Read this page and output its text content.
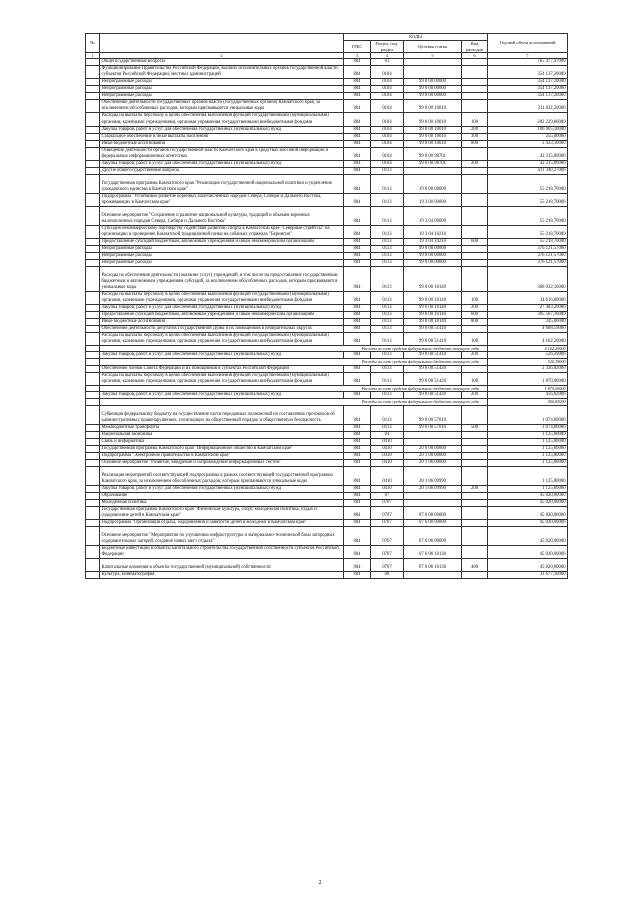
№		КОДЫ				Годовой объем ассигнований
		ГРБС	Раздел, под-раздел	Целевая статья	Вид расходов	
1	2	3	4	5	6	7
	Общегосударственные вопросы	804	01			765 477,47000
	Функционирование Правительства Российской Федерации, высших исполнительных органов государственной власти субъектов Российской Федерации, местных администраций	804	0104			354 137,20000
	Непрограммные расходы	804	0104	99 0 00 00000		354 137,20000
	Непрограммные расходы	804	0104	99 0 00 00000		354 137,20000
	Непрограммные расходы	804	0104	99 0 00 00000		354 137,20000
	Обеспечение деятельности государственных органов власти (государственных органов) Камчатского края, за исключением обособленных расходов, которым присваиваются уникальные коды	804	0104	99 0 00 10010		311 822,20000
	Расходы на выплаты персоналу в целях обеспечения выполнения функций государственными (муниципальными) органами, казенными учреждениями, органами управления государственными внебюджетными фондами	804	0104	99 0 00 10010	100	202 229,00000
	Закупка товаров, работ и услуг для обеспечения государственных (муниципальных) нужд	804	0104	99 0 00 10010	200	106 905,10000
	Социальное обеспечение и иные выплаты населению	804	0104	99 0 00 10010	300	255,00000
	Иные бюджетные ассигнования	804	0104	99 0 00 10010	800	2 433,10000
	Освещение деятельности органов государственной власти Камчатского края в средствах массовой информации и федеральных информационных агентствах	804	0104	99 0 00 98701		42 315,00000
	Закупка товаров, работ и услуг для обеспечения государственных (муниципальных) нужд	804	0104	99 0 00 98701	200	42 315,00000
	Другие общегосударственные вопросы	804	0113			411 340,27000
	Государственная программа Камчатского края "Реализация государственной национальной политики и укрепление гражданского единства в Камчатском крае"	804	0113	19 0 00 00000		55 218,70000
	Подпрограмма "Устойчивое развитие коренных малочисленных народов Севера, Сибири и Дальнего Востока, проживающих в Камчатском крае"	804	0113	19 3 00 00000		55 218,70000
	Основное мероприятие "Сохранение и развитие национальной культуры, традиций и обычаев коренных малочисленных народов Севера, Сибири и Дальнего Востока"	804	0113	19 3 04 00000		55 218,70000
	Субсидия некоммерческому партнерству содействия развитию спорта в Камчатском крае "Северные стрейтсы" на организацию и проведение Камчатской традиционной гонки на собачьих упряжках "Берингия"	804	0113	19 3 04 10210		55 218,70000
	Предоставление субсидий бюджетным, автономным учреждениям и иным некоммерческим организациям	804	0113	19 3 04 10210	600	55 218,70000
	Непрограммные расходы	804	0113	99 0 00 00000		376 121,57000
	Непрограммные расходы	804	0113	99 0 00 00000		376 121,57000
	Непрограммные расходы	804	0113	99 0 00 00000		376 121,57000
	Расходы на обеспечение деятельности (оказание услуг) учреждений, в том числе на предоставление государственным бюджетным и автономным учреждениям субсидий, за исключением обособленных расходов, которым присваиваются уникальные коды	804	0113	99 0 00 10140		368 032,16000
	Расходы на выплаты персоналу в целях обеспечения выполнения функций государственными (муниципальными) органами, казенными учреждениями, органами управления государственными внебюджетными фондами	804	0113	99 0 00 10140	100	34 616,80000
	Закупка товаров, работ и услуг для обеспечения государственных (муниципальных) нужд	804	0113	99 0 00 10140	200	27 483,20000
	Предоставление субсидий бюджетным, автономным учреждениям и иным некоммерческим организациям	804	0113	99 0 00 10140	600	305 567,16000
	Иные бюджетные ассигнования	804	0113	99 0 00 10140	800	345,00000
	Обеспечение деятельности депутатов Государственной Думы и их помощников в избирательных округах	804	0113	99 0 00 51410		4 688,59000
	Расходы на выплаты персоналу в целях обеспечения выполнения функций государственными (муниципальными) органами, казенными учреждениями, органами управления государственными внебюджетными фондами	804	0113	99 0 00 51410	100	4 162,20000
	Расходы за счет средств федерального бюджета текущего года					4 162,20000
	Закупка товаров, работ и услуг для обеспечения государственных (муниципальных) нужд	804	0113	99 0 00 51410	200	526,39000
	Расходы за счет средств федерального бюджета текущего года					526,39000
	Обеспечение членов Совета Федерации и их помощников в субъектах Российской Федерации	804	0113	99 0 00 51420		2 326,82000
	Расходы на выплаты персоналу в целях обеспечения выполнения функций государственными (муниципальными) органами, казенными учреждениями, органами управления государственными внебюджетными фондами	804	0113	99 0 00 51420	100	1 870,00000
	Расходы за счет средств федерального бюджета текущего года					1 870,00000
	Закупка товаров, работ и услуг для обеспечения государственных (муниципальных) нужд	804	0113	99 0 00 51420	200	456,82000
	Расходы за счет средств федерального бюджета текущего года					456,82000
	Субвенция федеральному бюджету на осуществление части переданных полномочий по составлению протоколов об административных правонарушениях, посягающих на общественный порядок и общественную безопасность	804	0113	99 0 00 57010		1 074,00000
	Межбюджетные трансферты	804	0113	99 0 00 57010	500	1 074,00000
	Национальная экономика	804	04			1 125,00000
	Связь и информатика	804	0410			1 125,00000
	Государственная программа Камчатского края "Информационное общество в Камчатском крае"	804	0410	20 0 00 00000		1 125,00000
	Подпрограмма "Электронное правительство в Камчатском крае"	804	0410	20 1 00 00000		1 125,00000
	Основное мероприятие "Развитие, внедрение и сопровождение информационных систем"	804	0410	20 1 06 00000		1 125,00000
	Реализация мероприятий соответствующей подпрограммы в рамках соответствующей государственной программы Камчатского края, за исключением обособленных расходов, которым присваиваются уникальные коды	804	0410	20 1 06 09990		1 125,00000
	Закупка товаров, работ и услуг для обеспечения государственных (муниципальных) нужд	804	0410	20 1 06 09990	200	1 125,00000
	Образование	804	07			45 020,00000
	Молодежная политика	804	0707			45 020,00000
	Государственная программа Камчатского края "Физическая культура, спорт, молодежная политика, отдых и оздоровление детей в Камчатском крае"	804	0707	07 0 00 00000		45 020,00000
	Подпрограмма "Организация отдыха, оздоровления и занятости детей и молодежи в Камчатском крае"	804	0707	07 6 00 00000		45 020,00000
	Основное мероприятие "Мероприятия по улучшению инфраструктуры и материально-технической базы загородных оздоровительных лагерей, создание новых мест отдыха"	804	0707	07 6 06 00000		45 020,00000
	Бюджетные инвестиции в объекты капитального строительства государственной собственности субъектов Российской Федерации	804	0707	07 6 06 10130		45 020,00000
	Капитальные вложения в объекты государственной (муниципальной) собственности	804	0707	07 6 06 10130	400	45 020,00000
	Культура, кинематография	804	08			31 677,10000
2
